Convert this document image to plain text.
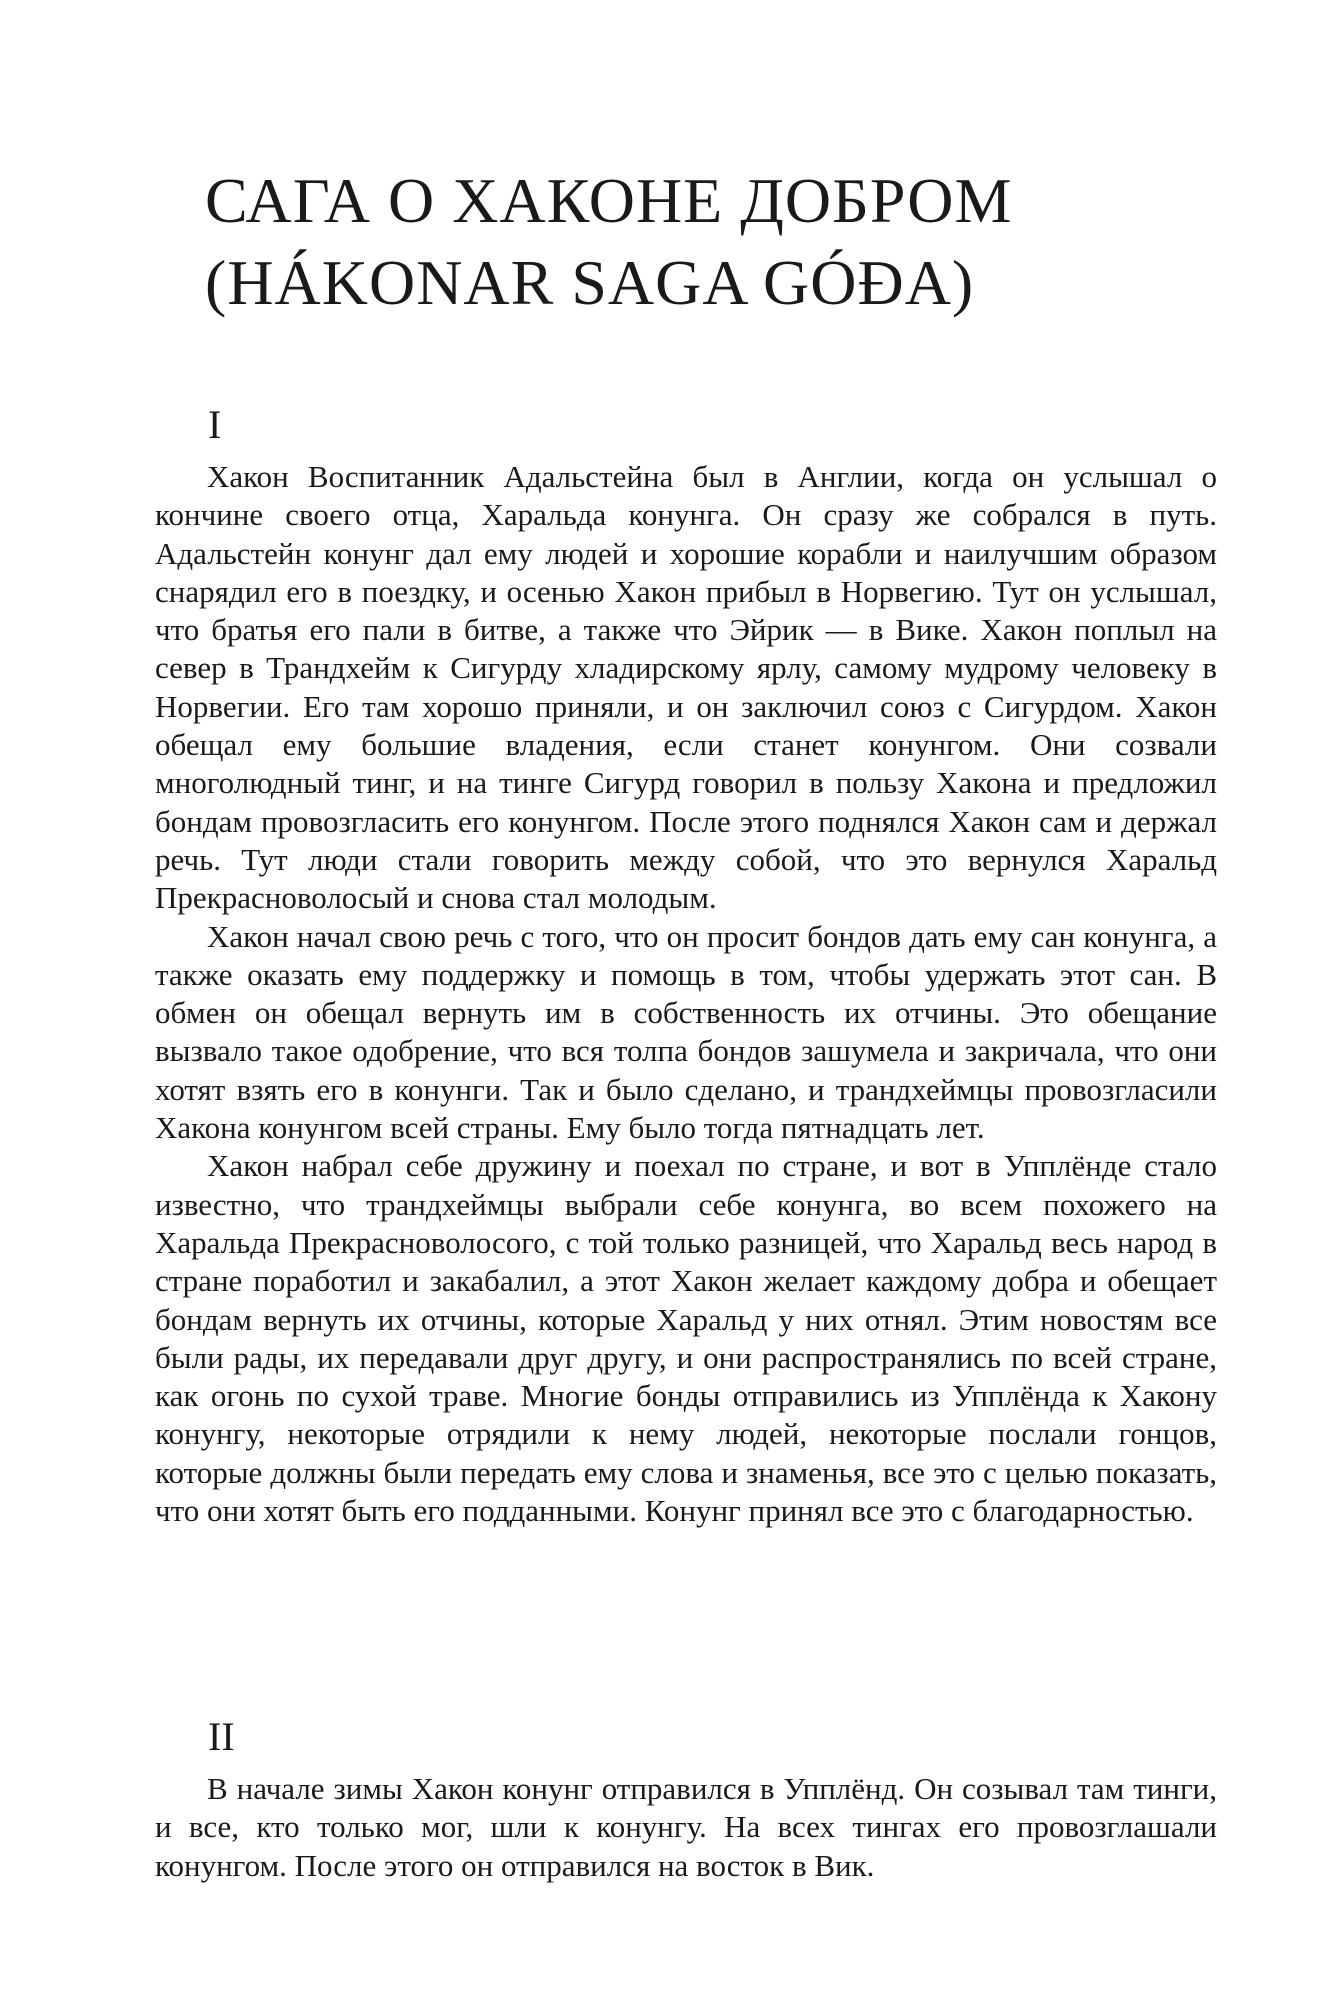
САГА О ХАКОНЕ ДОБРОМ
(HÁKONAR SAGA GÓÐA)
I

Хакон Воспитанник Адальстейна был в Англии, когда он услышал о кончине своего отца, Харальда конунга. Он сразу же собрался в путь. Адальстейн конунг дал ему людей и хорошие корабли и наилучшим образом снарядил его в поездку, и осенью Хакон прибыл в Норвегию. Тут он услышал, что братья его пали в битве, а также что Эйрик — в Вике. Хакон поплыл на север в Трандхейм к Сигурду хладирскому ярлу, самому мудрому человеку в Норвегии. Его там хорошо приняли, и он заключил союз с Сигурдом. Хакон обещал ему большие владения, если станет конунгом. Они созвали многолюдный тинг, и на тинге Сигурд говорил в пользу Хакона и предложил бондам провозгласить его конунгом. После этого поднялся Хакон сам и держал речь. Тут люди стали говорить между собой, что это вернулся Харальд Прекрасноволосый и снова стал молодым.

Хакон начал свою речь с того, что он просит бондов дать ему сан конунга, а также оказать ему поддержку и помощь в том, чтобы удержать этот сан. В обмен он обещал вернуть им в собственность их отчины. Это обещание вызвало такое одобрение, что вся толпа бондов зашумела и закричала, что они хотят взять его в конунги. Так и было сделано, и трандхеймцы провозгласили Хакона конунгом всей страны. Ему было тогда пятнадцать лет.

Хакон набрал себе дружину и поехал по стране, и вот в Упплёнде стало известно, что трандхеймцы выбрали себе конунга, во всем похожего на Харальда Прекрасноволосого, с той только разницей, что Харальд весь народ в стране поработил и закабалил, а этот Хакон желает каждому добра и обещает бондам вернуть их отчины, которые Харальд у них отнял. Этим новостям все были рады, их передавали друг другу, и они распространялись по всей стране, как огонь по сухой траве. Многие бонды отправились из Упплёнда к Хакону конунгу, некоторые отрядили к нему людей, некоторые послали гонцов, которые должны были передать ему слова и знаменья, все это с целью показать, что они хотят быть его подданными. Конунг принял все это с благодарностью.

II

В начале зимы Хакон конунг отправился в Упплёнд. Он созывал там тинги, и все, кто только мог, шли к конунгу. На всех тингах его провозглашали конунгом. После этого он отправился на восток в Вик.
